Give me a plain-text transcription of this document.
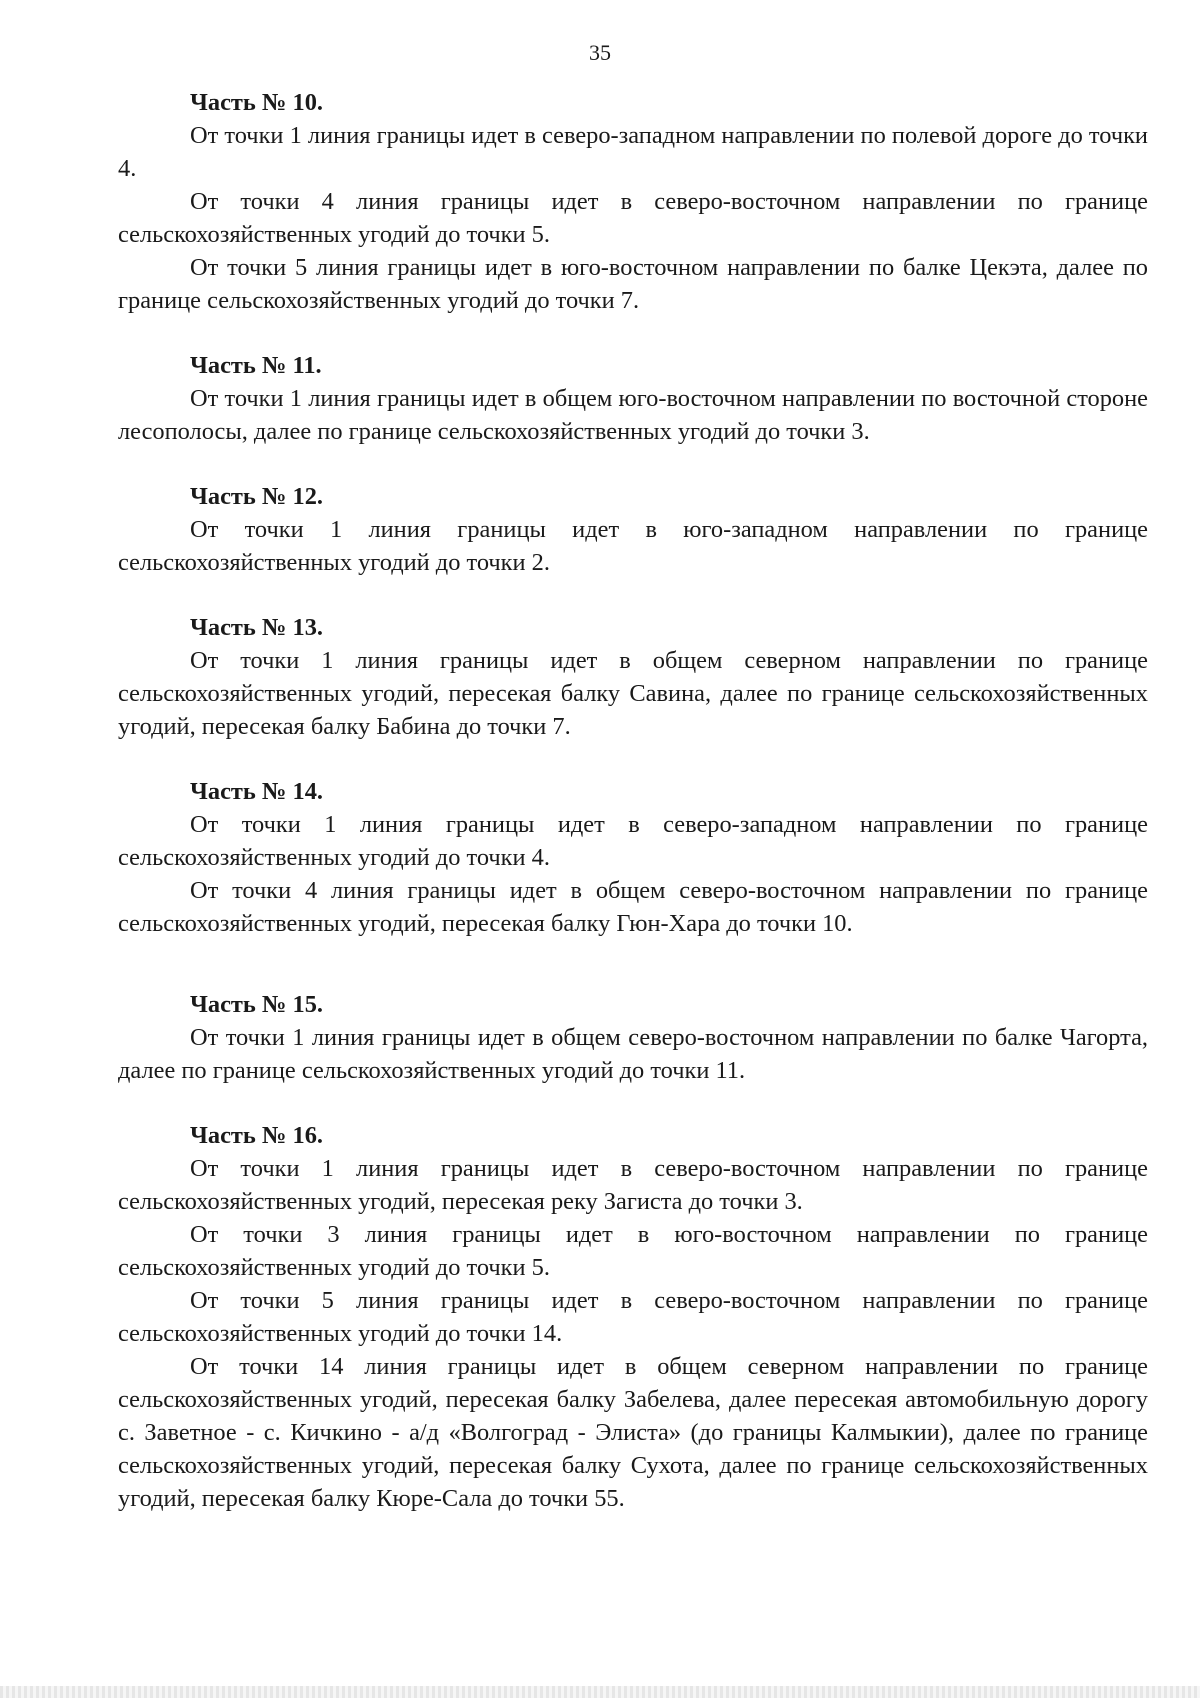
35

Часть № 10.

От точки 1 линия границы идет в северо-западном направлении по полевой дороге до точки 4.

От точки 4 линия границы идет в северо-восточном направлении по границе сельскохозяйственных угодий до точки 5.

От точки 5 линия границы идет в юго-восточном направлении по балке Цекэта, далее по границе сельскохозяйственных угодий до точки 7.

Часть № 11.

От точки 1 линия границы идет в общем юго-восточном направлении по восточной стороне лесополосы, далее по границе сельскохозяйственных угодий до точки 3.

Часть № 12.

От точки 1 линия границы идет в юго-западном направлении по границе сельскохозяйственных угодий до точки 2.

Часть № 13.

От точки 1 линия границы идет в общем северном направлении по границе сельскохозяйственных угодий, пересекая балку Савина, далее по границе сельскохозяйственных угодий, пересекая балку Бабина до точки 7.

Часть № 14.

От точки 1 линия границы идет в северо-западном направлении по границе сельскохозяйственных угодий до точки 4.

От точки 4 линия границы идет в общем северо-восточном направлении по границе сельскохозяйственных угодий, пересекая балку Гюн-Хара до точки 10.

Часть № 15.

От точки 1 линия границы идет в общем северо-восточном направлении по балке Чагорта, далее по границе сельскохозяйственных угодий до точки 11.

Часть № 16.

От точки 1 линия границы идет в северо-восточном направлении по границе сельскохозяйственных угодий, пересекая реку Загиста до точки 3.

От точки 3 линия границы идет в юго-восточном направлении по границе сельскохозяйственных угодий до точки 5.

От точки 5 линия границы идет в северо-восточном направлении по границе сельскохозяйственных угодий до точки 14.

От точки 14 линия границы идет в общем северном направлении по границе сельскохозяйственных угодий, пересекая балку Забелева, далее пересекая автомобильную дорогу с. Заветное - с. Кичкино - а/д «Волгоград - Элиста» (до границы Калмыкии), далее по границе сельскохозяйственных угодий, пересекая балку Сухота, далее по границе сельскохозяйственных угодий, пересекая балку Кюре-Сала до точки 55.
